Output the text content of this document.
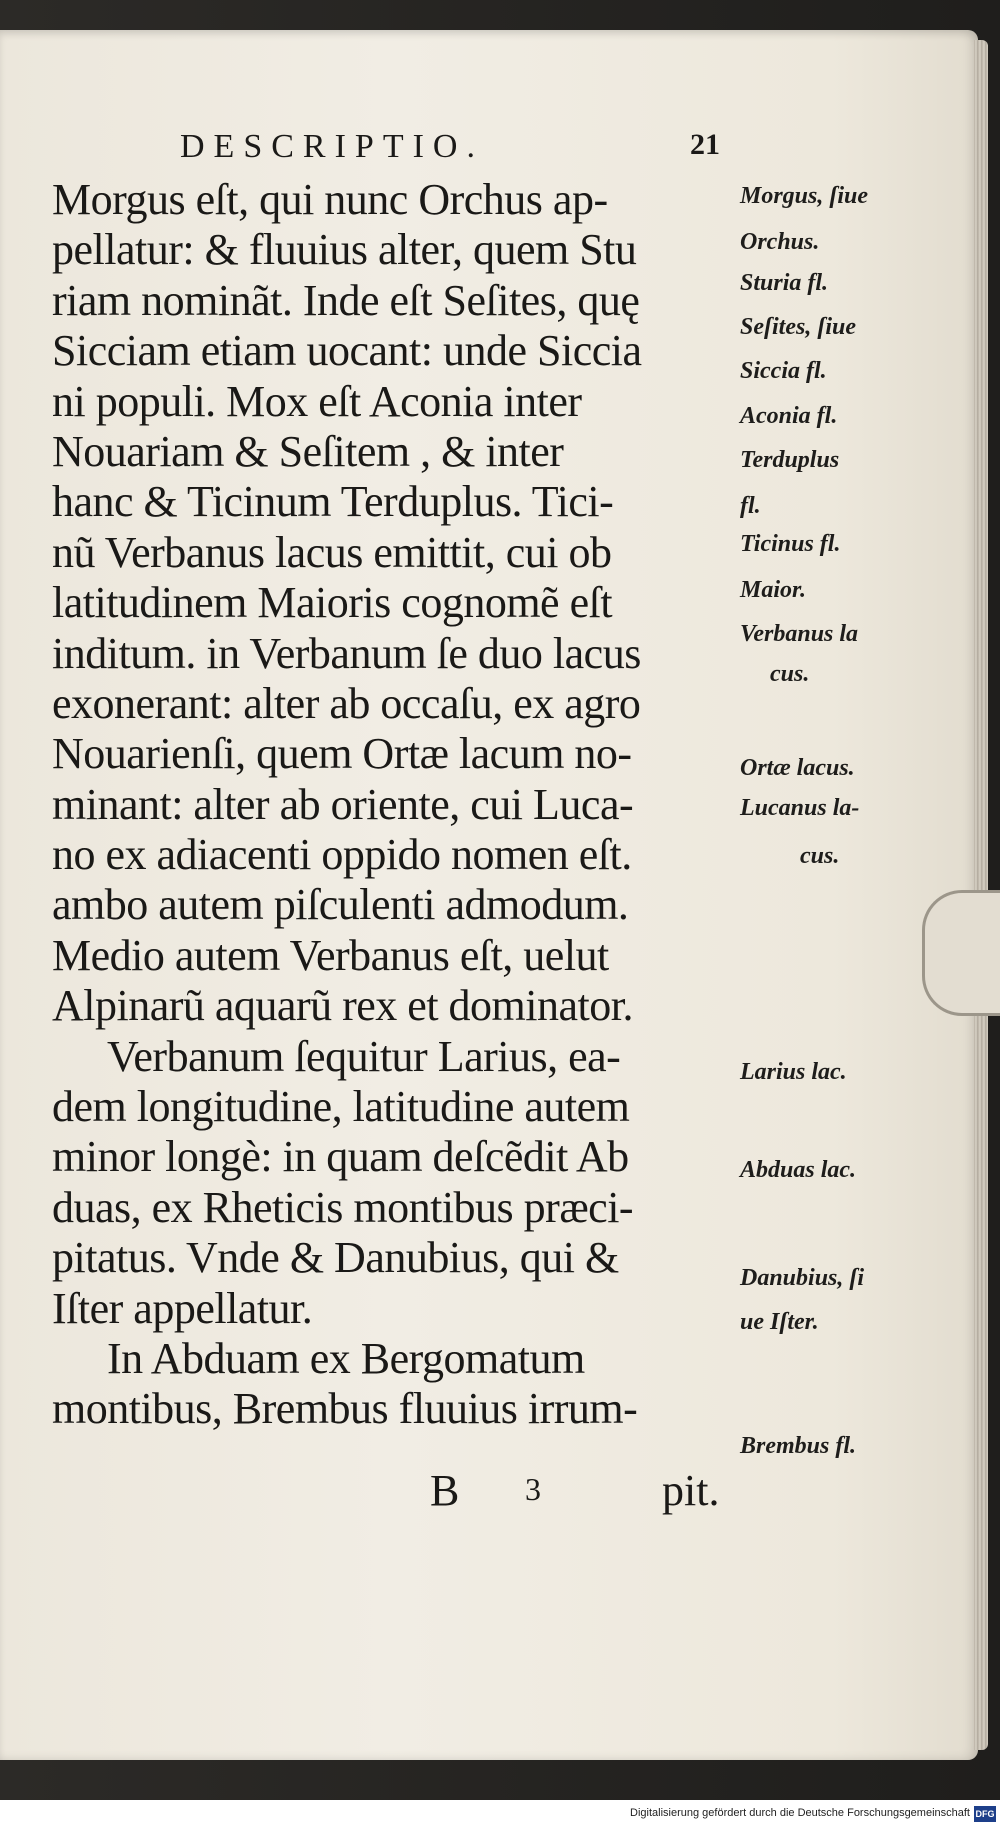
DESCRIPTIO.	21
Morgus eſt, qui nunc Orchus ap-
pellatur: & fluuius alter, quem Stu
riam nominãt. Inde eſt Seſites, quę
Sicciam etiam uocant: unde Siccia
ni populi. Mox eſt Aconia inter
Nouariam & Seſitem , & inter
hanc & Ticinum Terduplus. Tici-
nũ Verbanus lacus emittit, cui ob
latitudinem Maioris cognomẽ eſt
inditum. in Verbanum ſe duo lacus
exonerant: alter ab occaſu, ex agro
Nouarienſi, quem Ortæ lacum no-
minant: alter ab oriente, cui Luca-
no ex adiacenti oppido nomen eſt.
ambo autem piſculenti admodum.
Medio autem Verbanus eſt, uelut
Alpinarũ aquarũ rex et dominator.
Verbanum ſequitur Larius, ea-
dem longitudine, latitudine autem
minor longè: in quam deſcẽdit Ab
duas, ex Rheticis montibus præci-
pitatus. Vnde & Danubius, qui &
Iſter appellatur.
In Abduam ex Bergomatum
montibus, Brembus fluuius irrum-
B 3	pit.
Morgus, ſiue
Orchus.
Sturia fl.
Seſites, ſiue
Siccia fl.
Aconia fl.
Terduplus
fl.
Ticinus fl.
Maior.
Verbanus la
cus.
Ortæ lacus.
Lucanus la-
cus.
Larius lac.
Abduas lac.
Danubius, ſi
ue Iſter.
Brembus fl.
Digitalisierung gefördert durch die Deutsche Forschungsgemeinschaft DFG
